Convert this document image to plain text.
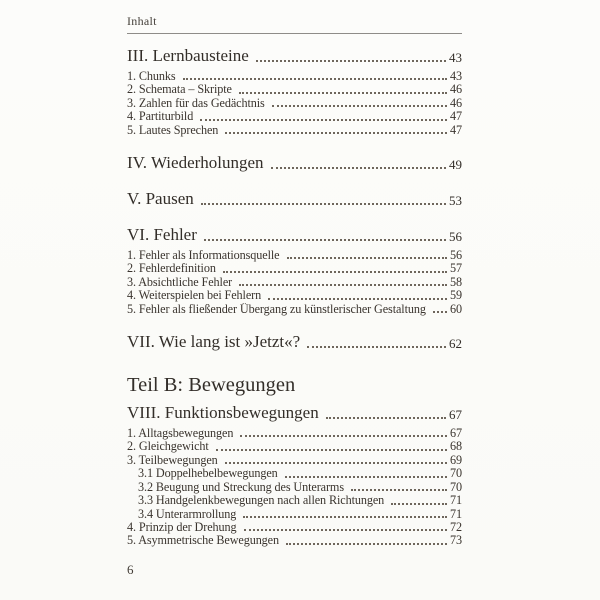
Inhalt
III. Lernbausteine	43
1. Chunks	43
2. Schemata – Skripte	46
3. Zahlen für das Gedächtnis	46
4. Partiturbild	47
5. Lautes Sprechen	47
IV. Wiederholungen	49
V. Pausen	53
VI. Fehler	56
1. Fehler als Informationsquelle	56
2. Fehlerdefinition	57
3. Absichtliche Fehler	58
4. Weiterspielen bei Fehlern	59
5. Fehler als fließender Übergang zu künstlerischer Gestaltung 60
VII. Wie lang ist »Jetzt«?	62
Teil B: Bewegungen
VIII. Funktionsbewegungen	67
1. Alltagsbewegungen	67
2. Gleichgewicht	68
3. Teilbewegungen	69
3.1 Doppelhebelbewegungen	70
3.2 Beugung und Streckung des Unterarms	70
3.3 Handgelenkbewegungen nach allen Richtungen	71
3.4 Unterarmrollung	71
4. Prinzip der Drehung	72
5. Asymmetrische Bewegungen	73
6
